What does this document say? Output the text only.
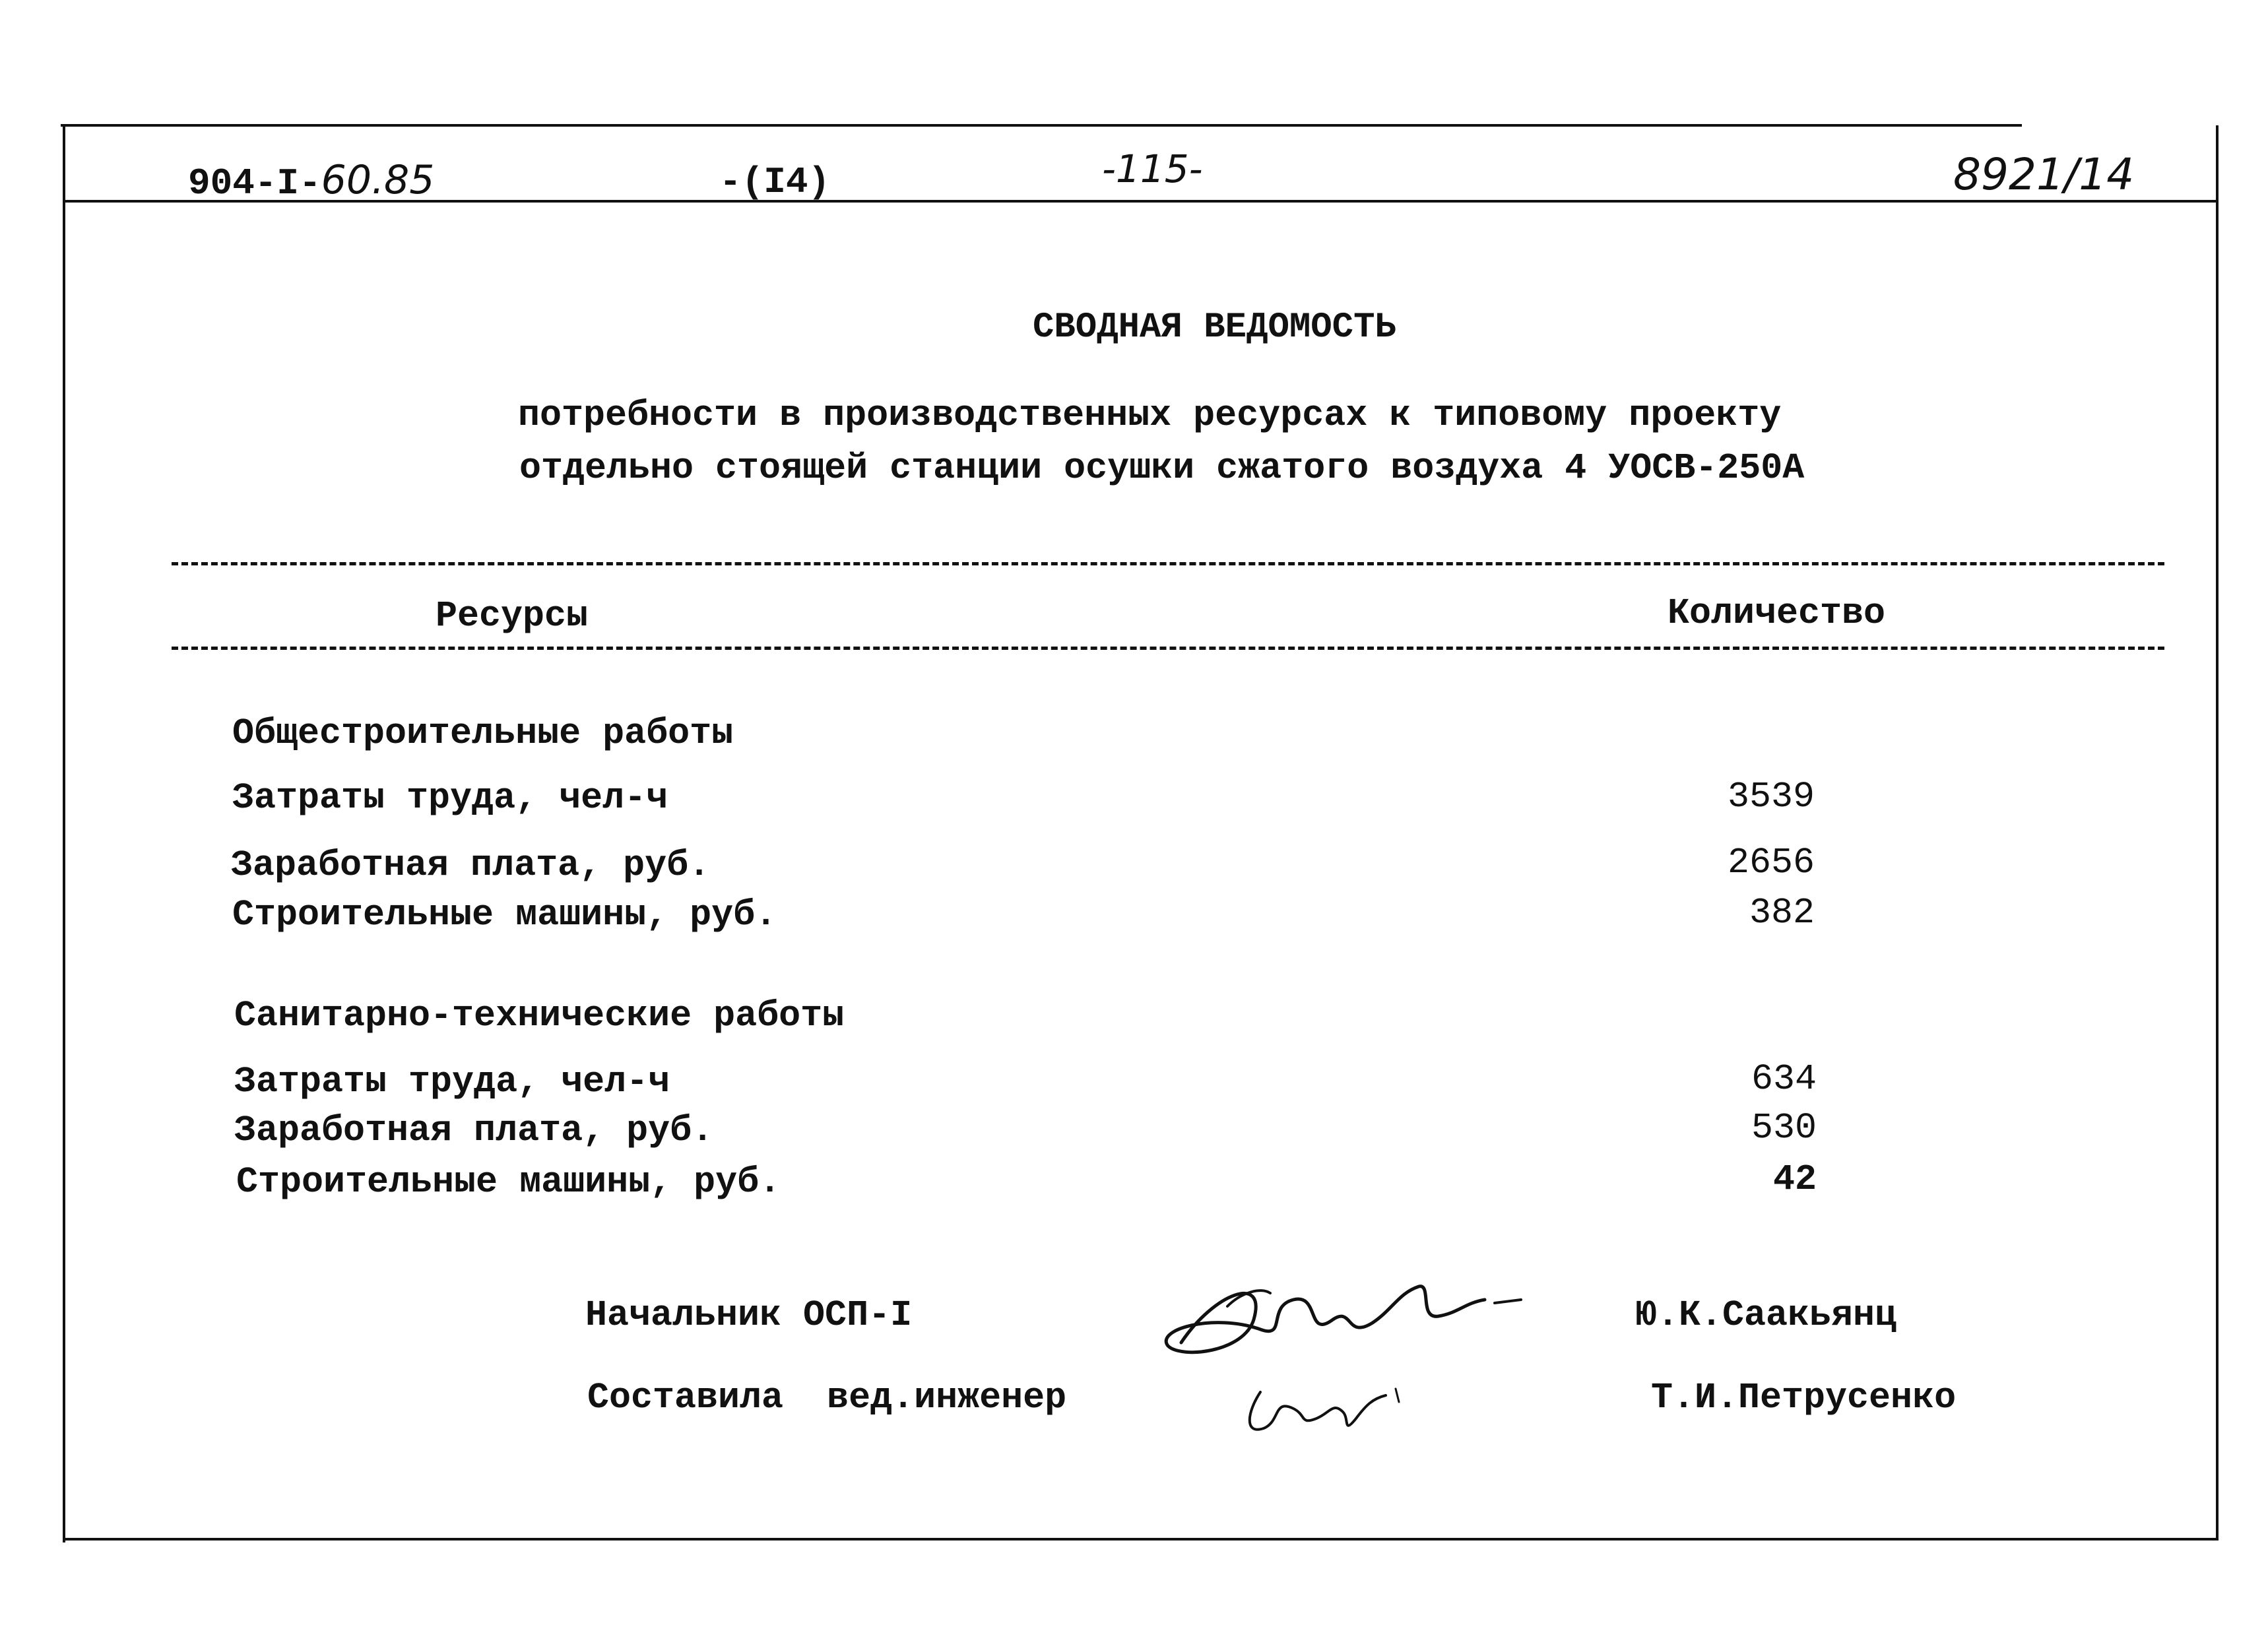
904-I-60.85	-(I4)	-115-	8921/14
СВОДНАЯ ВЕДОМОСТЬ
потребности в производственных ресурсах к типовому проекту
отдельно стоящей станции осушки сжатого воздуха 4 УОСВ-250А
Ресурсы	Количество
Общестроительные работы
Затраты труда, чел-ч	3539
Заработная плата, руб.	2656
Строительные машины, руб.	382
Санитарно-технические работы
Затраты труда, чел-ч	634
Заработная плата, руб.	530
Строительные машины, руб.	42
Начальник ОСП-I	Ю.К.Саакьянц
Составила  вед.инженер	Т.И.Петрусенко
